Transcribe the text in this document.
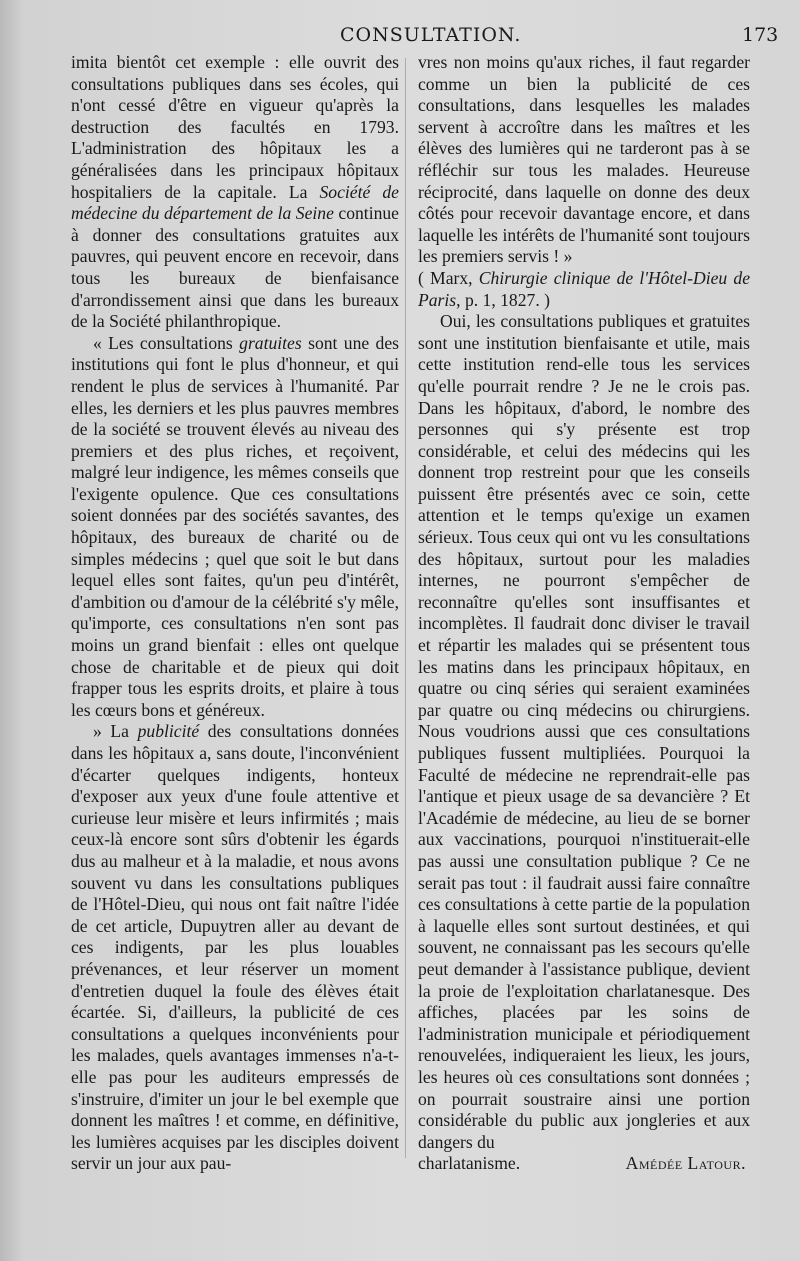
CONSULTATION.	173

imita bientôt cet exemple : elle ouvrit des consultations publiques dans ses écoles, qui n'ont cessé d'être en vigueur qu'après la destruction des facultés en 1793. L'administration des hôpitaux les a généralisées dans les principaux hôpitaux hospitaliers de la capitale. La Société de médecine du département de la Seine continue à donner des consultations gratuites aux pauvres, qui peuvent encore en recevoir, dans tous les bureaux de bienfaisance d'arrondissement ainsi que dans les bureaux de la Société philanthropique.

« Les consultations gratuites sont une des institutions qui font le plus d'honneur, et qui rendent le plus de services à l'humanité. Par elles, les derniers et les plus pauvres membres de la société se trouvent élevés au niveau des premiers et des plus riches, et reçoivent, malgré leur indigence, les mêmes conseils que l'exigente opulence. Que ces consultations soient données par des sociétés savantes, des hôpitaux, des bureaux de charité ou de simples médecins ; quel que soit le but dans lequel elles sont faites, qu'un peu d'intérêt, d'ambition ou d'amour de la célébrité s'y mêle, qu'importe, ces consultations n'en sont pas moins un grand bienfait : elles ont quelque chose de charitable et de pieux qui doit frapper tous les esprits droits, et plaire à tous les cœurs bons et généreux.

» La publicité des consultations données dans les hôpitaux a, sans doute, l'inconvénient d'écarter quelques indigents, honteux d'exposer aux yeux d'une foule attentive et curieuse leur misère et leurs infirmités ; mais ceux-là encore sont sûrs d'obtenir les égards dus au malheur et à la maladie, et nous avons souvent vu dans les consultations publiques de l'Hôtel-Dieu, qui nous ont fait naître l'idée de cet article, Dupuytren aller au devant de ces indigents, par les plus louables prévenances, et leur réserver un moment d'entretien duquel la foule des élèves était écartée. Si, d'ailleurs, la publicité de ces consultations a quelques inconvénients pour les malades, quels avantages immenses n'a-t-elle pas pour les auditeurs empressés de s'instruire, d'imiter un jour le bel exemple que donnent les maîtres ! et comme, en définitive, les lumières acquises par les disciples doivent servir un jour aux pau-

vres non moins qu'aux riches, il faut regarder comme un bien la publicité de ces consultations, dans lesquelles les malades servent à accroître dans les maîtres et les élèves des lumières qui ne tarderont pas à se réfléchir sur tous les malades. Heureuse réciprocité, dans laquelle on donne des deux côtés pour recevoir davantage encore, et dans laquelle les intérêts de l'humanité sont toujours les premiers servis ! »

( Marx, Chirurgie clinique de l'Hôtel-Dieu de Paris, p. 1, 1827. )

Oui, les consultations publiques et gratuites sont une institution bienfaisante et utile, mais cette institution rend-elle tous les services qu'elle pourrait rendre ? Je ne le crois pas. Dans les hôpitaux, d'abord, le nombre des personnes qui s'y présente est trop considérable, et celui des médecins qui les donnent trop restreint pour que les conseils puissent être présentés avec ce soin, cette attention et le temps qu'exige un examen sérieux. Tous ceux qui ont vu les consultations des hôpitaux, surtout pour les maladies internes, ne pourront s'empêcher de reconnaître qu'elles sont insuffisantes et incomplètes. Il faudrait donc diviser le travail et répartir les malades qui se présentent tous les matins dans les principaux hôpitaux, en quatre ou cinq séries qui seraient examinées par quatre ou cinq médecins ou chirurgiens. Nous voudrions aussi que ces consultations publiques fussent multipliées. Pourquoi la Faculté de médecine ne reprendrait-elle pas l'antique et pieux usage de sa devancière ? Et l'Académie de médecine, au lieu de se borner aux vaccinations, pourquoi n'instituerait-elle pas aussi une consultation publique ? Ce ne serait pas tout : il faudrait aussi faire connaître ces consultations à cette partie de la population à laquelle elles sont surtout destinées, et qui souvent, ne connaissant pas les secours qu'elle peut demander à l'assistance publique, devient la proie de l'exploitation charlatanesque. Des affiches, placées par les soins de l'administration municipale et périodiquement renouvelées, indiqueraient les lieux, les jours, les heures où ces consultations sont données ; on pourrait soustraire ainsi une portion considérable du public aux jongleries et aux dangers du

charlatanisme.	Amédée Latour.
